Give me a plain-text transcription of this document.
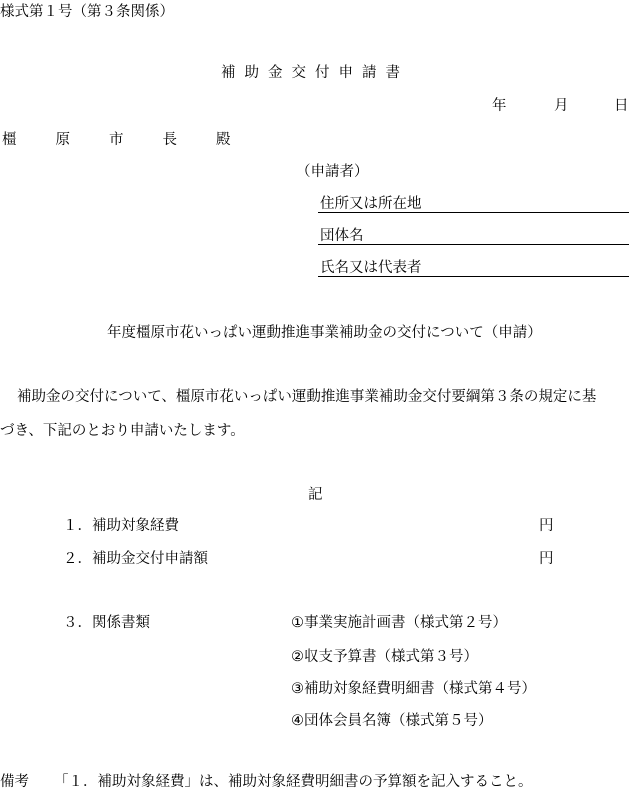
様式第１号（第３条関係）
補助金交付申請書
年	月	日
橿原市長殿
（申請者）
住所又は所在地
団体名
氏名又は代表者
年度橿原市花いっぱい運動推進事業補助金の交付について（申請）
補助金の交付について、橿原市花いっぱい運動推進事業補助金交付要綱第３条の規定に基
づき、下記のとおり申請いたします。
記
１． 補助対象経費	円
２． 補助金交付申請額	円
３． 関係書類	①事業実施計画書（様式第２号）
②収支予算書（様式第３号）
③補助対象経費明細書（様式第４号）
④団体会員名簿（様式第５号）
備考 「１．補助対象経費」は、補助対象経費明細書の予算額を記入すること。
